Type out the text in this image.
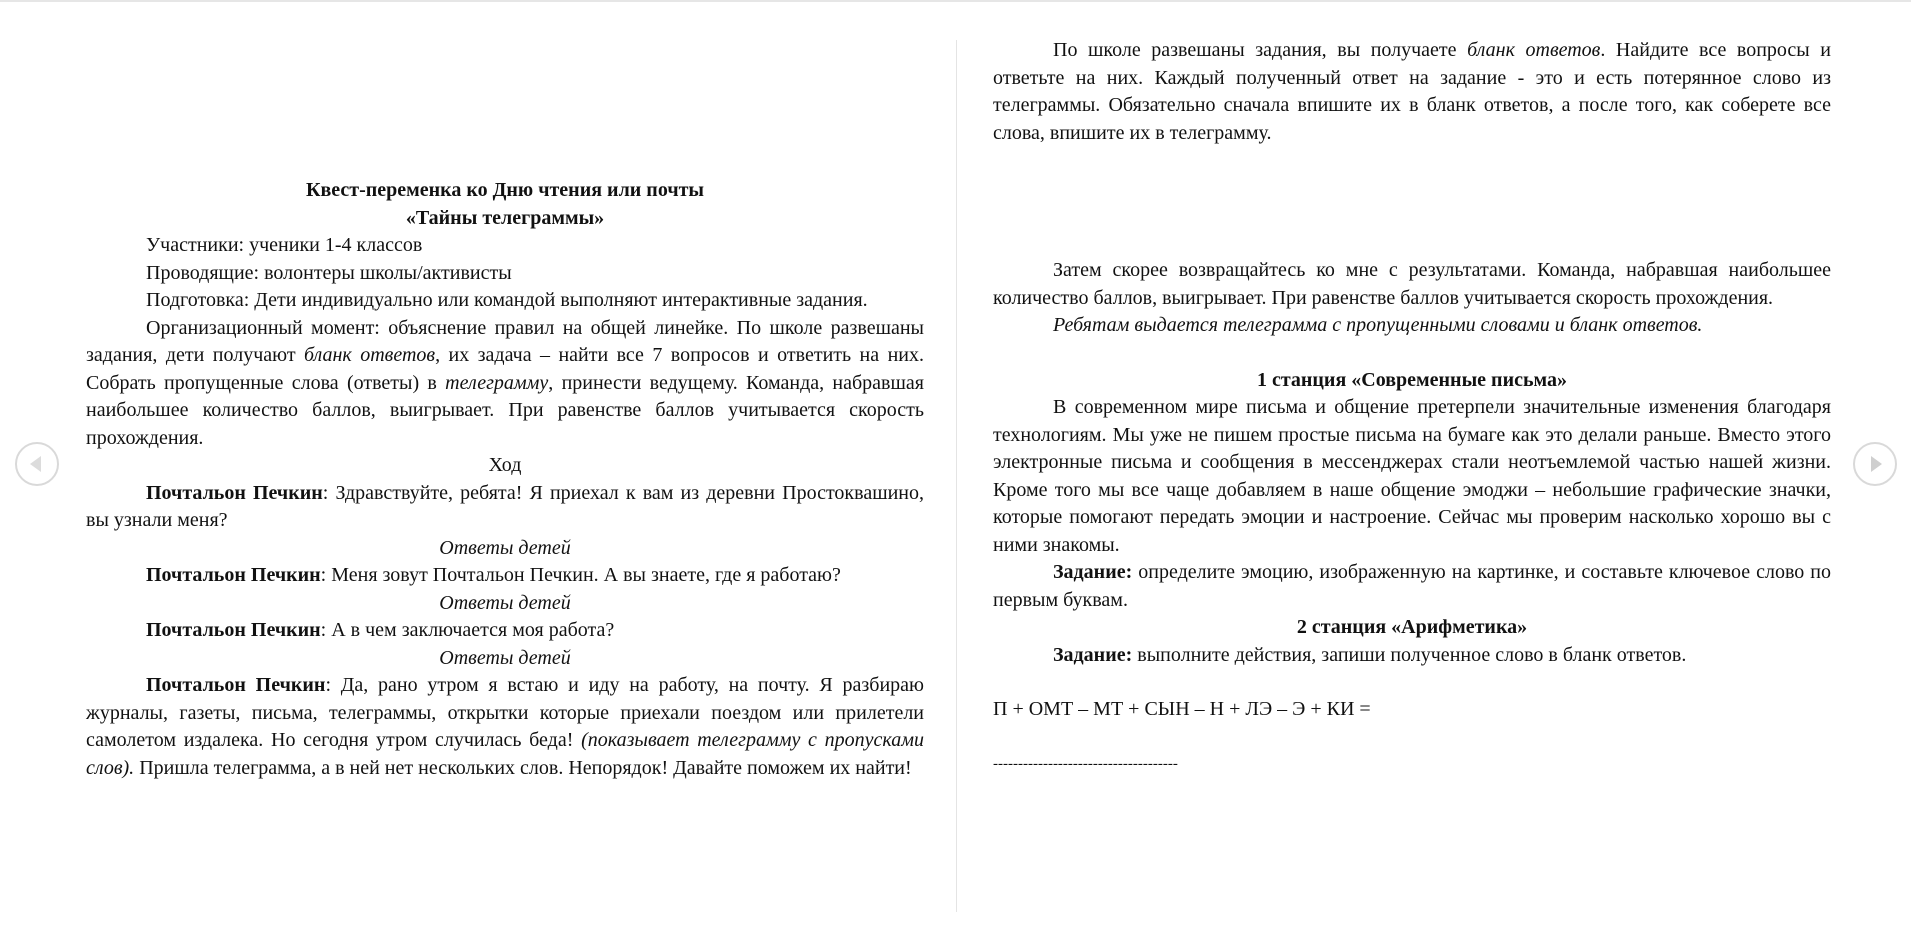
Квест-переменка ко Дню чтения или почты

«Тайны телеграммы»

Участники: ученики 1-4 классов

Проводящие: волонтеры школы/активисты

Подготовка: Дети индивидуально или командой выполняют интерактивные задания.

Организационный момент: объяснение правил на общей линейке. По школе развешаны задания, дети получают бланк ответов, их задача – найти все 7 вопросов и ответить на них. Собрать пропущенные слова (ответы) в телеграмму, принести ведущему. Команда, набравшая наибольшее количество баллов, выигрывает. При равенстве баллов учитывается скорость прохождения.

Ход

Почтальон Печкин: Здравствуйте, ребята! Я приехал к вам из деревни Простоквашино, вы узнали меня?

Ответы детей

Почтальон Печкин: Меня зовут Почтальон Печкин. А вы знаете, где я работаю?

Ответы детей

Почтальон Печкин: А в чем заключается моя работа?

Ответы детей

Почтальон Печкин: Да, рано утром я встаю и иду на работу, на почту. Я разбираю журналы, газеты, письма, телеграммы, открытки которые приехали поездом или прилетели самолетом издалека. Но сегодня утром случилась беда! (показывает телеграмму с пропусками слов). Пришла телеграмма, а в ней нет нескольких слов. Непорядок! Давайте поможем их найти!

По школе развешаны задания, вы получаете бланк ответов. Найдите все вопросы и ответьте на них. Каждый полученный ответ на задание - это и есть потерянное слово из телеграммы. Обязательно сначала впишите их в бланк ответов, а после того, как соберете все слова, впишите их в телеграмму.

Затем скорее возвращайтесь ко мне с результатами. Команда, набравшая наибольшее количество баллов, выигрывает. При равенстве баллов учитывается скорость прохождения.

Ребятам выдается телеграмма с пропущенными словами и бланк ответов.

1 станция «Современные письма»

В современном мире письма и общение претерпели значительные изменения благодаря технологиям. Мы уже не пишем простые письма на бумаге как это делали раньше. Вместо этого электронные письма и сообщения в мессенджерах стали неотъемлемой частью нашей жизни. Кроме того мы все чаще добавляем в наше общение эмоджи – небольшие графические значки, которые помогают передать эмоции и настроение. Сейчас мы проверим насколько хорошо вы с ними знакомы.

Задание: определите эмоцию, изображенную на картинке, и составьте ключевое слово по первым буквам.

2 станция «Арифметика»

Задание: выполните действия, запиши полученное слово в бланк ответов.

П + ОМТ – МТ + СЫН – Н + ЛЭ – Э + КИ =

-------------------------------------
